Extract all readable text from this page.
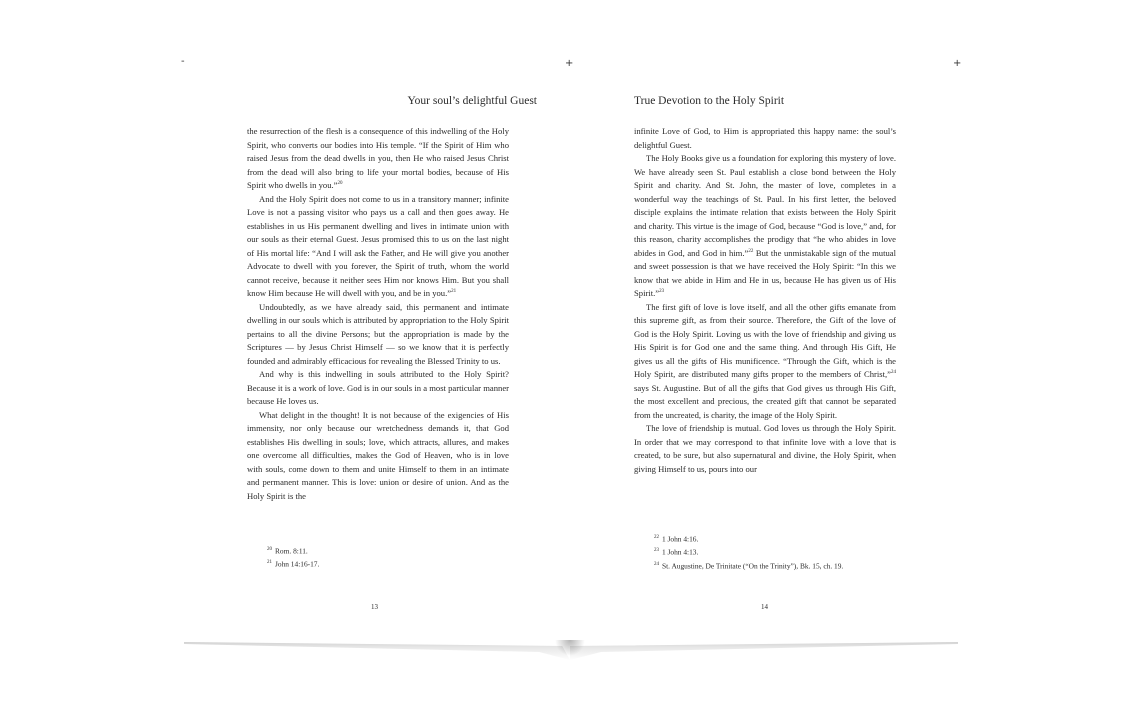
-	+	+
Your soul’s delightful Guest

the resurrection of the flesh is a consequence of this indwelling of the Holy Spirit, who converts our bodies into His temple. “If the Spirit of Him who raised Jesus from the dead dwells in you, then He who raised Jesus Christ from the dead will also bring to life your mortal bodies, because of His Spirit who dwells in you.”$^{20}$

And the Holy Spirit does not come to us in a transitory manner; infinite Love is not a passing visitor who pays us a call and then goes away. He establishes in us His permanent dwelling and lives in intimate union with our souls as their eternal Guest. Jesus promised this to us on the last night of His mortal life: “And I will ask the Father, and He will give you another Advocate to dwell with you forever, the Spirit of truth, whom the world cannot receive, because it neither sees Him nor knows Him. But you shall know Him because He will dwell with you, and be in you.”$^{21}$

Undoubtedly, as we have already said, this permanent and intimate dwelling in our souls which is attributed by appropriation to the Holy Spirit pertains to all the divine Persons; but the appropriation is made by the Scriptures — by Jesus Christ Himself — so we know that it is perfectly founded and admirably efficacious for revealing the Blessed Trinity to us.

And why is this indwelling in souls attributed to the Holy Spirit? Because it is a work of love. God is in our souls in a most particular manner because He loves us.

What delight in the thought! It is not because of the exigencies of His immensity, nor only because our wretchedness demands it, that God establishes His dwelling in souls; love, which attracts, allures, and makes one overcome all difficulties, makes the God of Heaven, who is in love with souls, come down to them and unite Himself to them in an intimate and permanent manner. This is love: union or desire of union. And as the Holy Spirit is the

$^{20}$ Rom. 8:11.
$^{21}$ John 14:16-17.
13
True Devotion to the Holy Spirit

infinite Love of God, to Him is appropriated this happy name: the soul’s delightful Guest.

The Holy Books give us a foundation for exploring this mystery of love. We have already seen St. Paul establish a close bond between the Holy Spirit and charity. And St. John, the master of love, completes in a wonderful way the teachings of St. Paul. In his first letter, the beloved disciple explains the intimate relation that exists between the Holy Spirit and charity. This virtue is the image of God, because “God is love,” and, for this reason, charity accomplishes the prodigy that “he who abides in love abides in God, and God in him.”$^{22}$ But the unmistakable sign of the mutual and sweet possession is that we have received the Holy Spirit: “In this we know that we abide in Him and He in us, because He has given us of His Spirit.”$^{23}$

The first gift of love is love itself, and all the other gifts emanate from this supreme gift, as from their source. Therefore, the Gift of the love of God is the Holy Spirit. Loving us with the love of friendship and giving us His Spirit is for God one and the same thing. And through His Gift, He gives us all the gifts of His munificence. “Through the Gift, which is the Holy Spirit, are distributed many gifts proper to the members of Christ,”$^{24}$ says St. Augustine. But of all the gifts that God gives us through His Gift, the most excellent and precious, the created gift that cannot be separated from the uncreated, is charity, the image of the Holy Spirit.

The love of friendship is mutual. God loves us through the Holy Spirit. In order that we may correspond to that infinite love with a love that is created, to be sure, but also supernatural and divine, the Holy Spirit, when giving Himself to us, pours into our

$^{22}$ 1 John 4:16.
$^{23}$ 1 John 4:13.
$^{24}$ St. Augustine, De Trinitate (“On the Trinity”), Bk. 15, ch. 19.
14
